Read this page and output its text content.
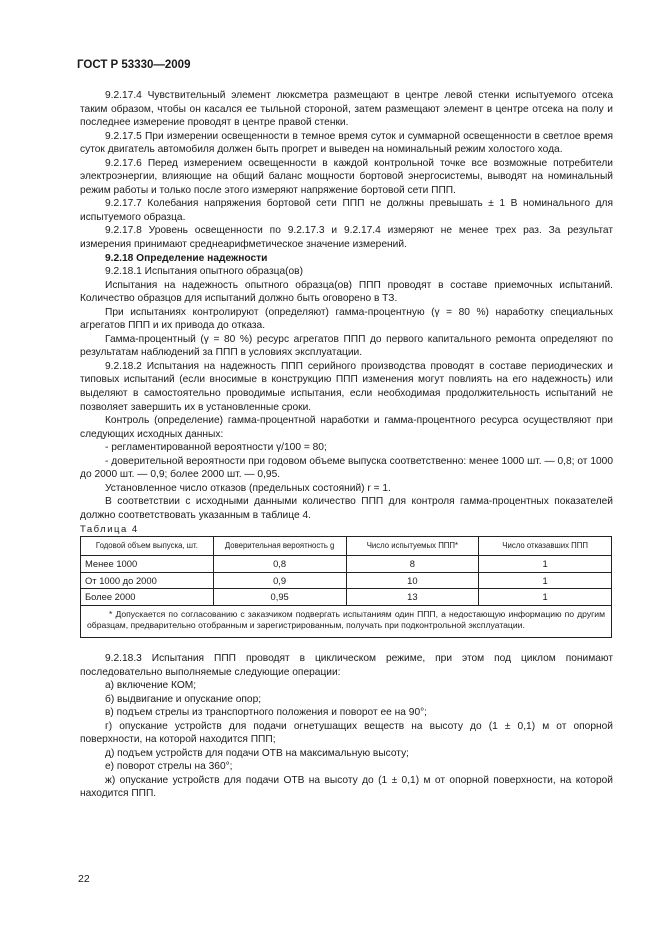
ГОСТ Р 53330—2009

9.2.17.4 Чувствительный элемент люксметра размещают в центре левой стенки испытуемого отсека таким образом, чтобы он касался ее тыльной стороной, затем размещают элемент в центре отсека на полу и последнее измерение проводят в центре правой стенки.

9.2.17.5 При измерении освещенности в темное время суток и суммарной освещенности в светлое время суток двигатель автомобиля должен быть прогрет и выведен на номинальный режим холостого хода.

9.2.17.6 Перед измерением освещенности в каждой контрольной точке все возможные потребители электроэнергии, влияющие на общий баланс мощности бортовой энергосистемы, выводят на номинальный режим работы и только после этого измеряют напряжение бортовой сети ППП.

9.2.17.7 Колебания напряжения бортовой сети ППП не должны превышать ± 1 В номинального для испытуемого образца.

9.2.17.8 Уровень освещенности по 9.2.17.3 и 9.2.17.4 измеряют не менее трех раз. За результат измерения принимают среднеарифметическое значение измерений.

9.2.18 Определение надежности

9.2.18.1 Испытания опытного образца(ов)

Испытания на надежность опытного образца(ов) ППП проводят в составе приемочных испытаний. Количество образцов для испытаний должно быть оговорено в ТЗ.

При испытаниях контролируют (определяют) гамма-процентную (γ = 80 %) наработку специальных агрегатов ППП и их привода до отказа.

Гамма-процентный (γ = 80 %) ресурс агрегатов ППП до первого капитального ремонта определяют по результатам наблюдений за ППП в условиях эксплуатации.

9.2.18.2 Испытания на надежность ППП серийного производства проводят в составе периодических и типовых испытаний (если вносимые в конструкцию ППП изменения могут повлиять на его надежность) или выделяют в самостоятельно проводимые испытания, если необходимая продолжительность испытаний не позволяет завершить их в установленные сроки.

Контроль (определение) гамма-процентной наработки и гамма-процентного ресурса осуществляют при следующих исходных данных:

- регламентированной вероятности γ/100 = 80;

- доверительной вероятности при годовом объеме выпуска соответственно: менее 1000 шт. — 0,8; от 1000 до 2000 шт. — 0,9; более 2000 шт. — 0,95.

Установленное число отказов (предельных состояний) r = 1.

В соответствии с исходными данными количество ППП для контроля гамма-процентных показателей должно соответствовать указанным в таблице 4.

Таблица 4

Годовой объем выпуска, шт.	Доверительная вероятность g	Число испытуемых ППП*	Число отказавших ППП
Менее 1000	0,8	8	1
От 1000 до 2000	0,9	10	1
Более 2000	0,95	13	1
* Допускается по согласованию с заказчиком подвергать испытаниям один ППП, а недостающую информацию по другим образцам, предварительно отобранным и зарегистрированным, получать при подконтрольной эксплуатации.			

9.2.18.3 Испытания ППП проводят в циклическом режиме, при этом под циклом понимают последовательно выполняемые следующие операции:

а) включение КОМ;

б) выдвигание и опускание опор;

в) подъем стрелы из транспортного положения и поворот ее на 90°;

г) опускание устройств для подачи огнетушащих веществ на высоту до (1 ± 0,1) м от опорной поверхности, на которой находится ППП;

д) подъем устройств для подачи ОТВ на максимальную высоту;

е) поворот стрелы на 360°;

ж) опускание устройств для подачи ОТВ на высоту до (1 ± 0,1) м от опорной поверхности, на которой находится ППП.

22
